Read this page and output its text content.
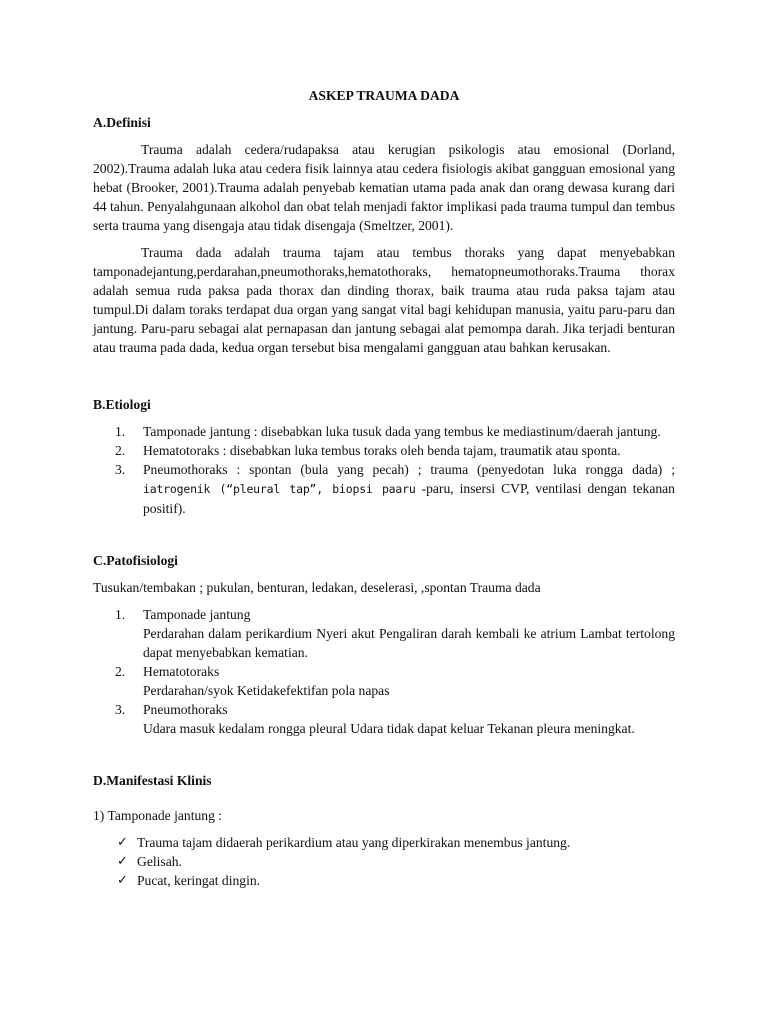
ASKEP TRAUMA DADA
A.Definisi

Trauma adalah cedera/rudapaksa atau kerugian psikologis atau emosional (Dorland, 2002).Trauma adalah luka atau cedera fisik lainnya atau cedera fisiologis akibat gangguan emosional yang hebat (Brooker, 2001).Trauma adalah penyebab kematian utama pada anak dan orang dewasa kurang dari 44 tahun. Penyalahgunaan alkohol dan obat telah menjadi faktor implikasi pada trauma tumpul dan tembus serta trauma yang disengaja atau tidak disengaja (Smeltzer, 2001).

Trauma dada adalah trauma tajam atau tembus thoraks yang dapat menyebabkan tamponadejantung,perdarahan,pneumothoraks,hematothoraks, hematopneumothoraks.Trauma thorax adalah semua ruda paksa pada thorax dan dinding thorax, baik trauma atau ruda paksa tajam atau tumpul.Di dalam toraks terdapat dua organ yang sangat vital bagi kehidupan manusia, yaitu paru-paru dan jantung. Paru-paru sebagai alat pernapasan dan jantung sebagai alat pemompa darah. Jika terjadi benturan atau trauma pada dada, kedua organ tersebut bisa mengalami gangguan atau bahkan kerusakan.

B.Etiologi
1.	Tamponade jantung : disebabkan luka tusuk dada yang tembus ke mediastinum/daerah jantung.
2.	Hematotoraks : disebabkan luka tembus toraks oleh benda tajam, traumatik atau sponta.
3.	Pneumothoraks : spontan (bula yang pecah) ; trauma (penyedotan luka rongga dada) ; iatrogenik (“pleural tap”, biopsi paaru -paru, insersi CVP, ventilasi dengan tekanan positif).
C.Patofisiologi

Tusukan/tembakan ; pukulan, benturan, ledakan, deselerasi, ,spontan Trauma dada

1.	Tamponade jantung
Perdarahan dalam perikardium Nyeri akut Pengaliran darah kembali ke atrium Lambat tertolong dapat menyebabkan kematian.
2.	Hematotoraks
Perdarahan/syok Ketidakefektifan pola napas
3.	Pneumothoraks
Udara masuk kedalam rongga pleural Udara tidak dapat keluar Tekanan pleura meningkat.
D.Manifestasi Klinis

1) Tamponade jantung :

✓ Trauma tajam didaerah perikardium atau yang diperkirakan menembus jantung.
✓ Gelisah.
✓ Pucat, keringat dingin.
